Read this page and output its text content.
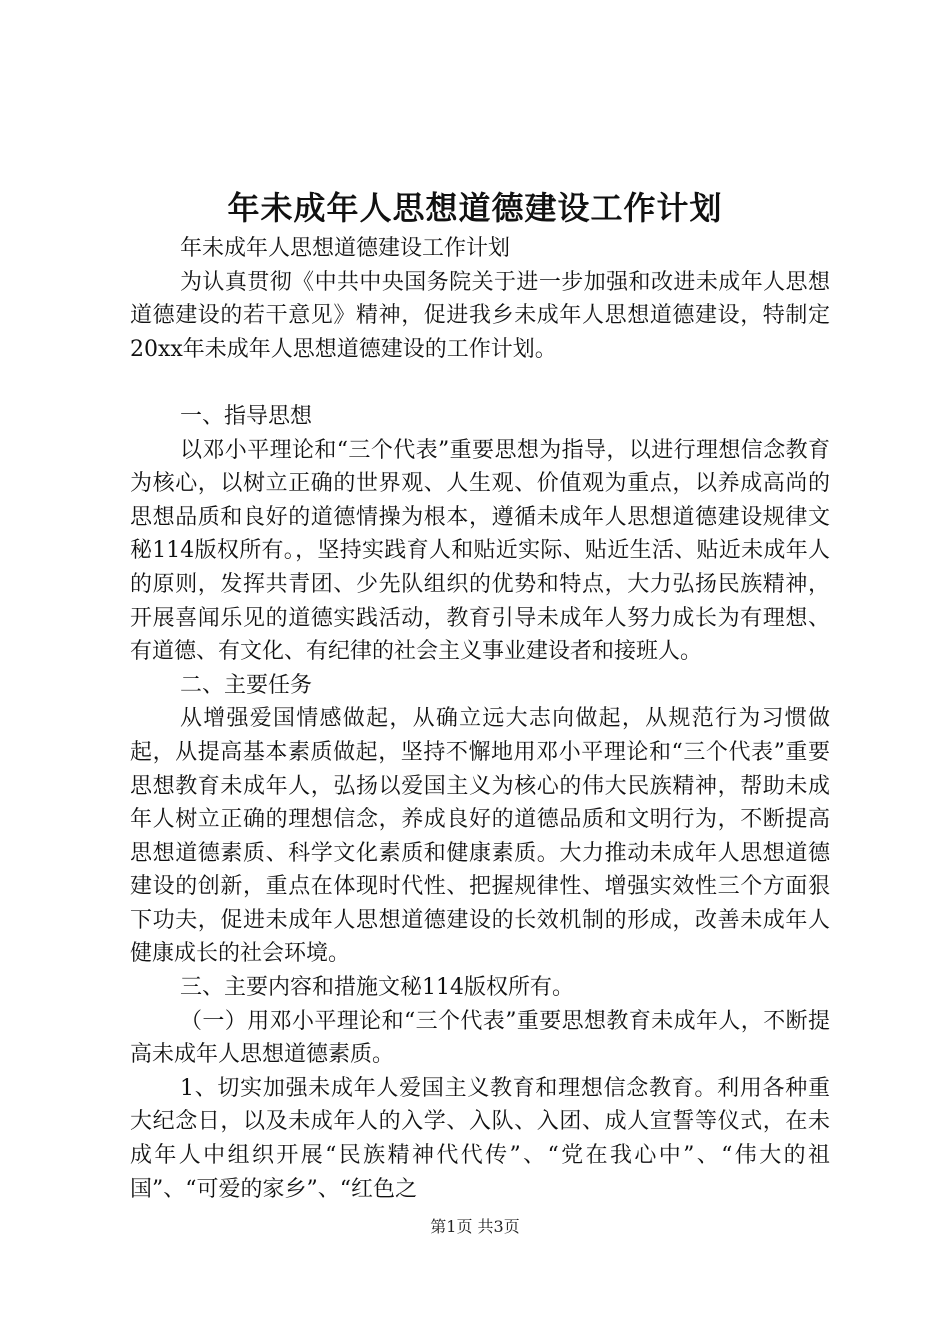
年未成年人思想道德建设工作计划

年未成年人思想道德建设工作计划

为认真贯彻《中共中央国务院关于进一步加强和改进未成年人思想道德建设的若干意见》精神，促进我乡未成年人思想道德建设，特制定20xx年未成年人思想道德建设的工作计划。

一、指导思想

以邓小平理论和“三个代表”重要思想为指导，以进行理想信念教育为核心，以树立正确的世界观、人生观、价值观为重点，以养成高尚的思想品质和良好的道德情操为根本，遵循未成年人思想道德建设规律文秘114版权所有。，坚持实践育人和贴近实际、贴近生活、贴近未成年人的原则，发挥共青团、少先队组织的优势和特点，大力弘扬民族精神，开展喜闻乐见的道德实践活动，教育引导未成年人努力成长为有理想、有道德、有文化、有纪律的社会主义事业建设者和接班人。

二、主要任务

从增强爱国情感做起，从确立远大志向做起，从规范行为习惯做起，从提高基本素质做起，坚持不懈地用邓小平理论和“三个代表”重要思想教育未成年人，弘扬以爱国主义为核心的伟大民族精神，帮助未成年人树立正确的理想信念，养成良好的道德品质和文明行为，不断提高思想道德素质、科学文化素质和健康素质。大力推动未成年人思想道德建设的创新，重点在体现时代性、把握规律性、增强实效性三个方面狠下功夫，促进未成年人思想道德建设的长效机制的形成，改善未成年人健康成长的社会环境。

三、主要内容和措施文秘114版权所有。

（一）用邓小平理论和“三个代表”重要思想教育未成年人，不断提高未成年人思想道德素质。

1、切实加强未成年人爱国主义教育和理想信念教育。利用各种重大纪念日，以及未成年人的入学、入队、入团、成人宣誓等仪式，在未成年人中组织开展“民族精神代代传”、“党在我心中”、“伟大的祖国”、“可爱的家乡”、“红色之

第1页 共3页
